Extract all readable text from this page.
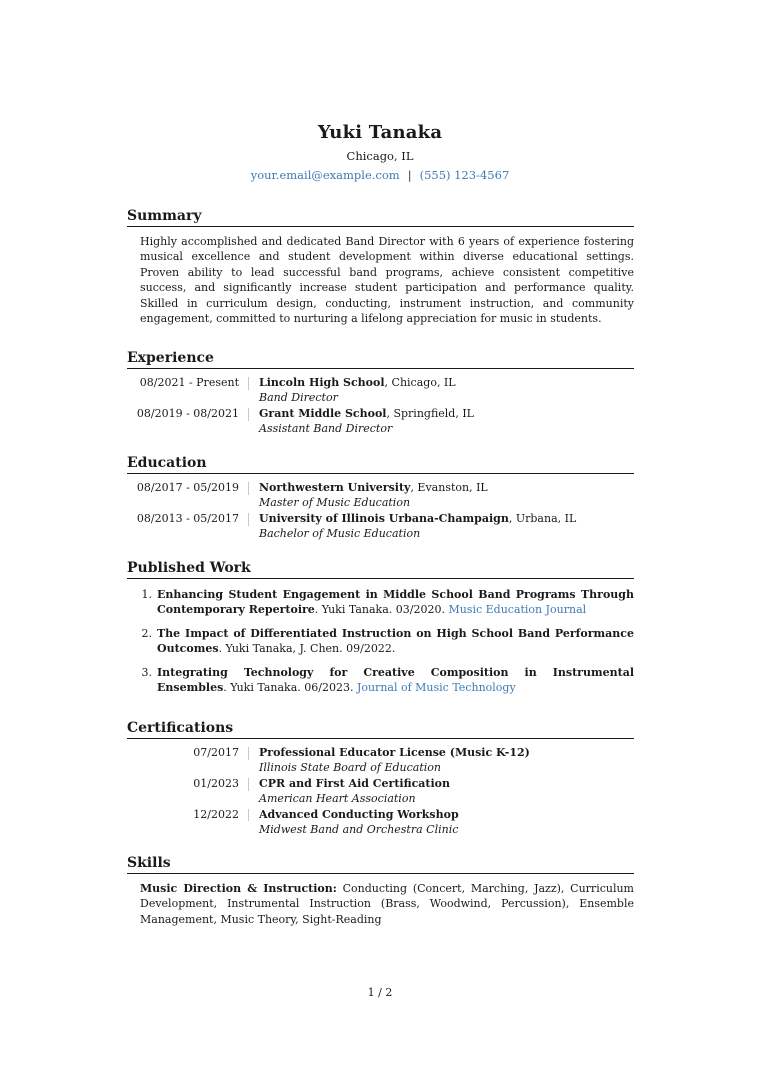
Yuki Tanaka
Chicago, IL
your.email@example.com | (555) 123-4567
Summary
Highly accomplished and dedicated Band Director with 6 years of experience fostering musical excellence and student development within diverse educational settings. Proven ability to lead successful band programs, achieve consistent competitive success, and significantly increase student participation and performance quality. Skilled in curriculum design, conducting, instrument instruction, and community engagement, committed to nurturing a lifelong appreciation for music in students.
Experience
08/2021 - Present	Lincoln High School, Chicago, IL
Band Director
08/2019 - 08/2021	Grant Middle School, Springfield, IL
Assistant Band Director
Education
08/2017 - 05/2019	Northwestern University, Evanston, IL
Master of Music Education
08/2013 - 05/2017	University of Illinois Urbana-Champaign, Urbana, IL
Bachelor of Music Education
Published Work
1. Enhancing Student Engagement in Middle School Band Programs Through Contemporary Repertoire. Yuki Tanaka. 03/2020. Music Education Journal
2. The Impact of Differentiated Instruction on High School Band Performance Outcomes. Yuki Tanaka, J. Chen. 09/2022.
3. Integrating Technology for Creative Composition in Instrumental Ensembles. Yuki Tanaka. 06/2023. Journal of Music Technology
Certifications
07/2017	Professional Educator License (Music K-12)
Illinois State Board of Education
01/2023	CPR and First Aid Certification
American Heart Association
12/2022	Advanced Conducting Workshop
Midwest Band and Orchestra Clinic
Skills
Music Direction & Instruction: Conducting (Concert, Marching, Jazz), Curriculum Development, Instrumental Instruction (Brass, Woodwind, Percussion), Ensemble Management, Music Theory, Sight-Reading
1 / 2
